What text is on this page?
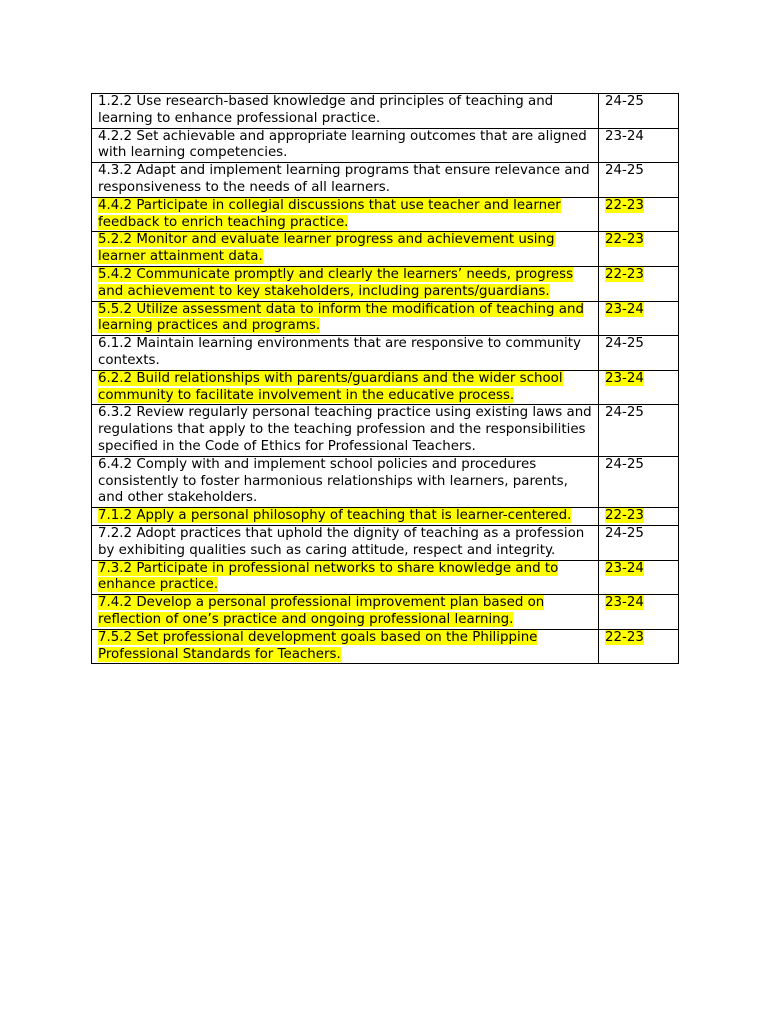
1.2.2 Use research-based knowledge and principles of teaching and learning to enhance professional practice.	24-25

4.2.2 Set achievable and appropriate learning outcomes that are aligned with learning competencies.	23-24

4.3.2 Adapt and implement learning programs that ensure relevance and responsiveness to the needs of all learners.	24-25

4.4.2 Participate in collegial discussions that use teacher and learner feedback to enrich teaching practice.	22-23

5.2.2 Monitor and evaluate learner progress and achievement using learner attainment data.	22-23

5.4.2 Communicate promptly and clearly the learners’ needs, progress and achievement to key stakeholders, including parents/guardians.	22-23

5.5.2 Utilize assessment data to inform the modification of teaching and learning practices and programs.	23-24

6.1.2 Maintain learning environments that are responsive to community contexts.	24-25

6.2.2 Build relationships with parents/guardians and the wider school community to facilitate involvement in the educative process.	23-24

6.3.2 Review regularly personal teaching practice using existing laws and regulations that apply to the teaching profession and the responsibilities specified in the Code of Ethics for Professional Teachers.	24-25

6.4.2 Comply with and implement school policies and procedures consistently to foster harmonious relationships with learners, parents, and other stakeholders.	24-25

7.1.2 Apply a personal philosophy of teaching that is learner-centered.	22-23

7.2.2 Adopt practices that uphold the dignity of teaching as a profession by exhibiting qualities such as caring attitude, respect and integrity.	24-25

7.3.2 Participate in professional networks to share knowledge and to enhance practice.	23-24

7.4.2 Develop a personal professional improvement plan based on reflection of one’s practice and ongoing professional learning.	23-24

7.5.2 Set professional development goals based on the Philippine Professional Standards for Teachers.	22-23
